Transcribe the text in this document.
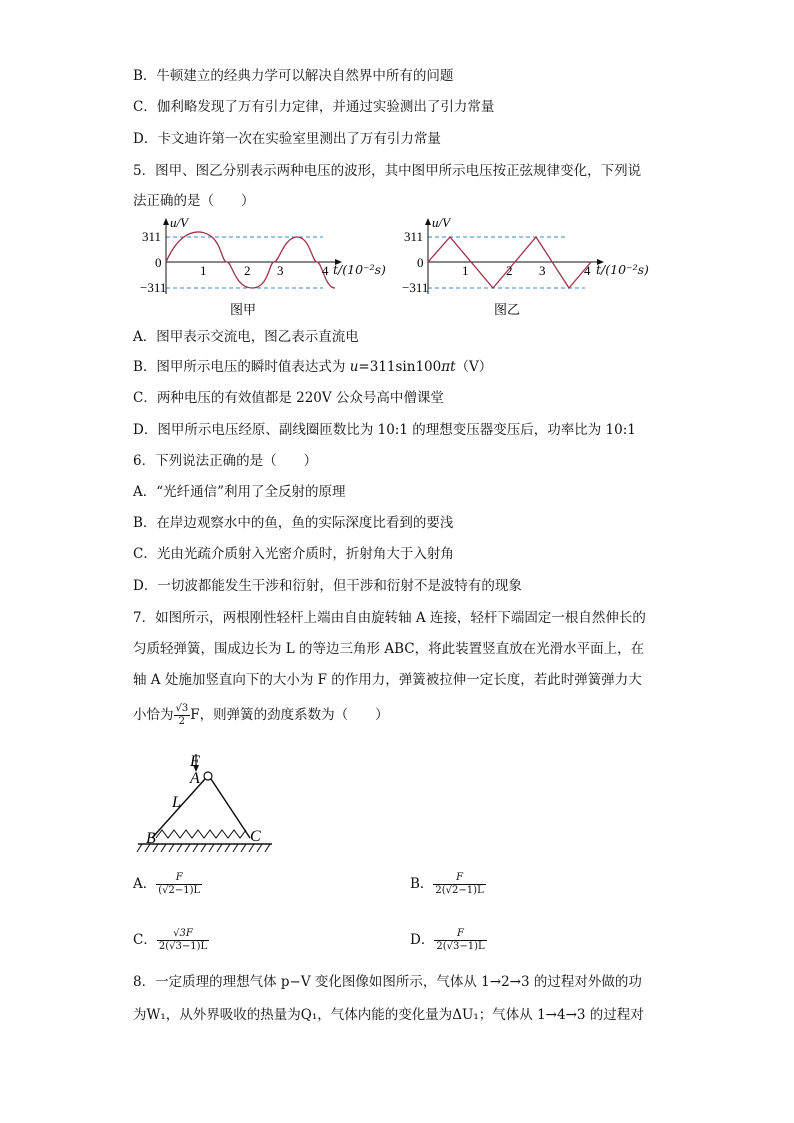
B．牛顿建立的经典力学可以解决自然界中所有的问题
C．伽利略发现了万有引力定律，并通过实验测出了引力常量
D．卡文迪许第一次在实验室里测出了万有引力常量
5．图甲、图乙分别表示两种电压的波形，其中图甲所示电压按正弦规律变化，下列说
法正确的是（　　）
u/V
311
0
−311
1	2 3	4
图甲
t/(10⁻²s)
u/V
311
0
−311
1	2 3	4
图乙
t/(10⁻²s)
A．图甲表示交流电，图乙表示直流电
B．图甲所示电压的瞬时值表达式为 u=311sin100πt（V）
C．两种电压的有效值都是 220V 公众号高中僧课堂
D．图甲所示电压经原、副线圈匝数比为 10:1 的理想变压器变压后，功率比为 10:1
6．下列说法正确的是（　　）
A．“光纤通信”利用了全反射的原理
B．在岸边观察水中的鱼，鱼的实际深度比看到的要浅
C．光由光疏介质射入光密介质时，折射角大于入射角
D．一切波都能发生干涉和衍射，但干涉和衍射不是波特有的现象
7．如图所示，两根刚性轻杆上端由自由旋转轴 A 连接，轻杆下端固定一根自然伸长的
匀质轻弹簧，围成边长为 L 的等边三角形 ABC，将此装置竖直放在光滑水平面上，在
轴 A 处施加竖直向下的大小为 F 的作用力，弹簧被拉伸一定长度，若此时弹簧弹力大
小恰为 $\frac{√3}{2}$ F，则弹簧的劲度系数为（　　）
F
A
L
B	C
A． $\frac{F}{(√2-1)L}$	B． $\frac{F}{2(√2-1)L}$
C． $\frac{√3F}{2(√3-1)L}$	D． $\frac{F}{2(√3-1)L}$
8．一定质理的理想气体 p−V 变化图像如图所示，气体从 1→2→3 的过程对外做的功
为W₁，从外界吸收的热量为Q₁，气体内能的变化量为ΔU₁；气体从 1→4→3 的过程对
